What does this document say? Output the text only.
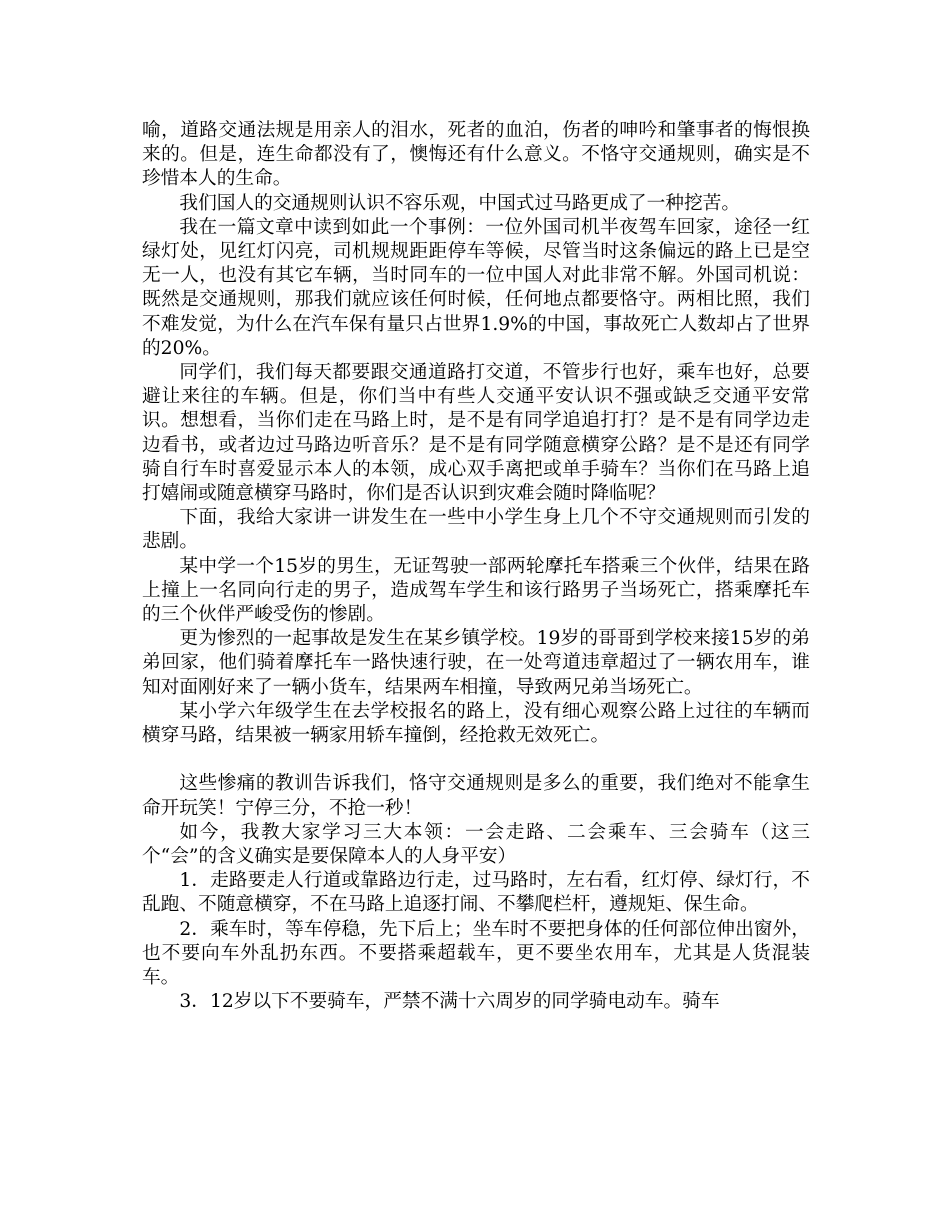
喻，道路交通法规是用亲人的泪水，死者的血泊，伤者的呻吟和肇事者的悔恨换来的。但是，连生命都没有了，懊悔还有什么意义。不恪守交通规则，确实是不珍惜本人的生命。

我们国人的交通规则认识不容乐观，中国式过马路更成了一种挖苦。

我在一篇文章中读到如此一个事例：一位外国司机半夜驾车回家，途径一红绿灯处，见红灯闪亮，司机规规距距停车等候，尽管当时这条偏远的路上已是空无一人，也没有其它车辆，当时同车的一位中国人对此非常不解。外国司机说：既然是交通规则，那我们就应该任何时候，任何地点都要恪守。两相比照，我们不难发觉，为什么在汽车保有量只占世界1.9%的中国，事故死亡人数却占了世界的20%。

同学们，我们每天都要跟交通道路打交道，不管步行也好，乘车也好，总要避让来往的车辆。但是，你们当中有些人交通平安认识不强或缺乏交通平安常识。想想看，当你们走在马路上时，是不是有同学追追打打？是不是有同学边走边看书，或者边过马路边听音乐？是不是有同学随意横穿公路？是不是还有同学骑自行车时喜爱显示本人的本领，成心双手离把或单手骑车？当你们在马路上追打嬉闹或随意横穿马路时，你们是否认识到灾难会随时降临呢？

下面，我给大家讲一讲发生在一些中小学生身上几个不守交通规则而引发的悲剧。

某中学一个15岁的男生，无证驾驶一部两轮摩托车搭乘三个伙伴，结果在路上撞上一名同向行走的男子，造成驾车学生和该行路男子当场死亡，搭乘摩托车的三个伙伴严峻受伤的惨剧。

更为惨烈的一起事故是发生在某乡镇学校。19岁的哥哥到学校来接15岁的弟弟回家，他们骑着摩托车一路快速行驶，在一处弯道违章超过了一辆农用车，谁知对面刚好来了一辆小货车，结果两车相撞，导致两兄弟当场死亡。

某小学六年级学生在去学校报名的路上，没有细心观察公路上过往的车辆而横穿马路，结果被一辆家用轿车撞倒，经抢救无效死亡。

这些惨痛的教训告诉我们，恪守交通规则是多么的重要，我们绝对不能拿生命开玩笑！宁停三分，不抢一秒！

如今，我教大家学习三大本领：一会走路、二会乘车、三会骑车（这三个“会”的含义确实是要保障本人的人身平安）

1．走路要走人行道或靠路边行走，过马路时，左右看，红灯停、绿灯行，不乱跑、不随意横穿，不在马路上追逐打闹、不攀爬栏杆，遵规矩、保生命。

2．乘车时，等车停稳，先下后上；坐车时不要把身体的任何部位伸出窗外，也不要向车外乱扔东西。不要搭乘超载车，更不要坐农用车，尤其是人货混装车。

3．12岁以下不要骑车，严禁不满十六周岁的同学骑电动车。骑车
